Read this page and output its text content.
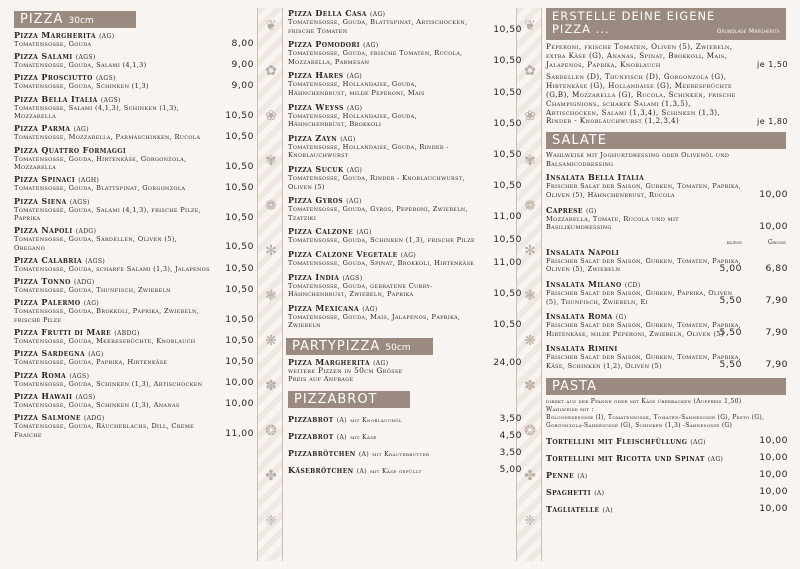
❦
✿
❀
✾
❁
✻
❃
❋
✽
❂
✤
❈
❦
✿
❀
✾
❁
✻
❃
❋
✽
❂
✤
❈
PIZZA 30cm
Pizza Margherita (AG)
Tomatensosse, Gouda	8,00
Pizza Salami (AGS)
Tomatensosse, Gouda, Salami (4,1,3)	9,00
Pizza Prosciutto (AGS)
Tomatensosse, Gouda, Schinken (1,3)	9,00
Pizza Bella Italia (AGS)
Tomatensosse, Salami (4,1,3), Schinken (1,3), Mozzarella	10,50
Pizza Parma (AG)
Tomatensosse, Mozzarella, Parmaschinken, Rucola	10,50
Pizza Quattro Formaggi
Tomatensosse, Gouda, Hirtenkäse, Gorgonzola, Mozzarella	10,50
Pizza Spinaci (AGH)
Tomatensosse, Gouda, Blattspinat, Gorgonzola	10,50
Pizza Siena (AGS)
Tomatensosse, Gouda, Salami (4,1,3), frische Pilze, Paprika	10,50
Pizza Napoli (ADG)
Tomatensosse, Gouda, Sardellen, Oliven (5), Oregano	10,50
Pizza Calabria (AGS)
Tomatensosse, Gouda, scharfe Salami (1,3), Jalapenos 10,50
Pizza Tonno (ADG)
Tomatensosse, Gouda, Thunfisch, Zwiebeln	10,50
Pizza Palermo (AG)
Tomatensosse, Gouda, Brokkoli, Paprika, Zwiebeln, frische Pilze	10,50
Pizza Frutti di Mare (ABDG)
Tomatensosse, Gouda, Meeresfrüchte, Knoblauch	10,50
Pizza Sardegna (AG)
Tomatensosse, Gouda, Paprika, Hirtenkäse	10,50
Pizza Roma (AGS)
Tomatensosse, Gouda, Schinken (1,3), Artischocken	10,00
Pizza Hawaii (AGS)
Tomatensosse, Gouda, Schinken (1,3), Ananas	10,00
Pizza Salmone (ADG)
Tomatensosse, Gouda, Räucherlachs, Dill, Creme Fraiche	11,00
Pizza Della Casa (AG)
Tomatensosse, Gouda, Blattspinat, Artischocken, frische Tomaten	10,50
Pizza Pomodori (AG)
Tomatensosse, Gouda, frische Tomaten, Rucola, Mozzarella, Parmesan	10,50
Pizza Hares (AG)
Tomatensosse, Hollandaise, Gouda, Hähnchenbrust, milde Peperoni, Mais	10,50
Pizza Weyss (AG)
Tomatensosse, Hollandaise, Gouda, Hähnchenbrust, Brokkoli	10,50
Pizza Zayn (AG)
Tomatensosse, Hollandaise, Gouda, Rinder - Knoblauchwurst	10,50
Pizza Sucuk (AG)
Tomatensosse, Gouda, Rinder - Knoblauchwurst, Oliven (5)	10,50
Pizza Gyros (AG)
Tomatensosse, Gouda, Gyros, Peperoni, Zwiebeln, Tzatziki	11,00
Pizza Calzone (AG)
Tomatensosse, Gouda, Schinken (1,3), frische Pilze	10,50
Pizza Calzone Vegetale (AG)
Tomatensosse, Gouda, Spinat, Brokkoli, Hirtenkäse	11,00
Pizza India (AGS)
Tomatensosse, Gouda, gebratene Curry-Hähnchenbrust, Zwiebeln, Paprika	10,50
Pizza Mexicana (AG)
Tomatensosse, Gouda, Mais, Jalapenos, Paprika, Zwiebeln	10,50
PARTYPIZZA 50cm
Pizza Margherita (AG)
weitere Pizzen in 50cm Grösse
Preis auf Anfrage
24,00
PIZZABROT
Pizzabrot (A) mit Knoblauchöl	3,50
Pizzabrot (A) mit Käse	4,50
Pizzabrötchen (A) mit Kräuterbutter	3,50
Käsebrötchen (A) mit Käse gefüllt	5,00
ERSTELLE DEINE EIGENE
PIZZA ...	Grundlage Margherita
Peperoni, frische Tomaten, Oliven (5), Zwiebeln, extra Käse (G), Ananas, Spinat, Brokkoli, Mais, Jalapenos, Paprika, Knoblauch	je 1,50
Sardellen (D), Thunfisch (D), Gorgonzola (G), Hirtenkäse (G), Hollandaise (G), Meeresfrüchte (G,B), Mozzarella (G), Rucola, Schinken, frische Champignions, scharfe Salami (1,3,5), Artischocken, Salami (1,3,4), Schinken (1,3), Rinder - Knoblauchwurst (1,2,3,4)	je 1,80
SALATE
Wahlweise mit Joghurtdressing oder Olivenöl und Balsamicodressing
Insalata Bella Italia
Frischer Salat der Saison, Gurken, Tomaten, Paprika, Oliven (5), Hähnchenbrust, Rucola	10,00
Caprese (G)
Mozzarella, Tomate, Rucola und mit Basilikumdressing	10,00
klein	Gross
Insalata Napoli
Frischer Salat der Saison, Gurken, Tomaten, Paprika, Oliven (5), Zwiebeln	5,00	6,80
Insalata Milano (CD)
Frischer Salat der Saison, Gurken, Paprika, Oliven (5), Thunfisch, Zwiebeln, Ei	5,50	7,90
Insalata Roma (G)
Frischer Salat der Saison, Gurken, Tomaten, Paprika, Hirtenkäse, milde Peperoni, Zwiebeln, Oliven (5)
5,50	7,90
Insalata Rimini
Frischer Salat der Saison, Gurken, Tomaten, Paprika, Käse, Schinken (1,2), Oliven (5)	5,50	7,90
PASTA
direkt aus der Pfanne oder mit Käse überbacken (Aufpreis 1,50)
Wahlweise mit :
Bolognesesosse (I), Tomatensosse, Tomaten-Sahnesosse (G), Pesto (G), Gorgonzola-Sahnesosse (G), Schinken (1,3) -Sahnesosse (G)
Tortellini mit Fleischfüllung (AG)	10,00
Tortellini mit Ricotta und Spinat (AG)	10,00
Penne (A)	10,00
Spaghetti (A)	10,00
Tagliatelle (A)	10,00
